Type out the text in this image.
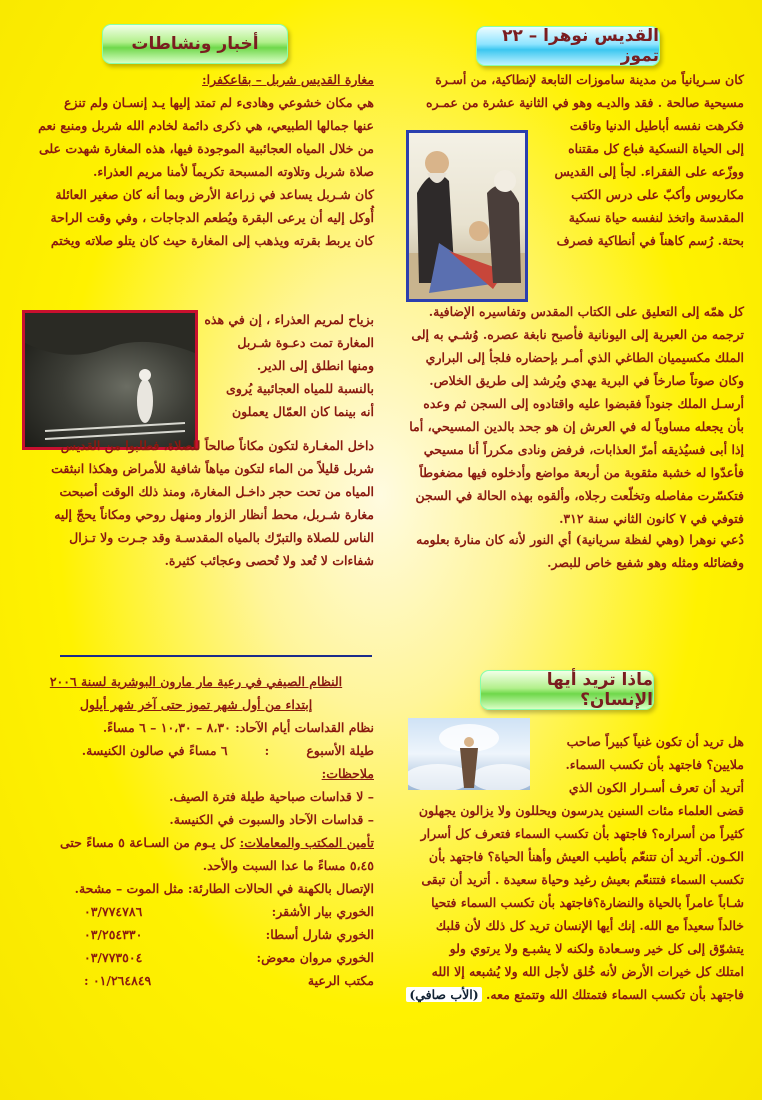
القديس نوهرا – ٢٢ تموز

كان سـريانياً من مدينة ساموزات التابعة لإنطاكية، من أسـرة

مسيحية صالحة . فقد والديـه وهو في الثانية عشرة من عمـره

فكرهت نفسه أباطيل الدنيا وتاقت

إلى الحياة النسكية فباع كل مقتناه

ووزّعه على الفقراء. لجأ إلى القديس

مكاريوس وأكبّ على درس الكتب

المقدسة واتخذ لنفسه حياة نسكية

بحتة. رُسم كاهناً في أنطاكية فصرف

كل همّه إلى التعليق على الكتاب المقدس وتفاسيره الإضافية.

ترجمه من العبرية إلى اليونانية فأصبح نابغة عصره. وُشـي به إلى

الملك مكسيميان الطاغي الذي أمـر بإحضاره فلجأ إلى البراري

وكان صوتاً صارخاً في البرية يهدي ويُرشد إلى طريق الخلاص.

أرسـل الملك جنوداً فقبضوا عليه واقتادوه إلى السجن ثم وعده

بأن يجعله مساوياً له في العرش إن هو جحد بالدين المسيحي، أما

إذا أبى فسيُذيقه أمرّ العذابات، فرفض ونادى مكرراً أنا مسيحي

فأعدّوا له خشبة مثقوبة من أربعة مواضع وأدخلوه فيها مضغوطاً

فتكسّرت مفاصله وتخلّعت رجلاه، وألقوه بهذه الحالة في السجن

فتوفي في ٧ كانون الثاني سنة ٣١٢.

دُعي نوهرا (وهي لفظة سريانية) أي النور لأنه كان منارة بعلومه

وفضائله ومثله وهو شفيع خاص للبصر.

ماذا تريد أيها الإنسان؟

هل تريد أن تكون غنياً كبيراً صاحب

ملايين؟ فاجتهد بأن تكسب السماء.

أتريد أن تعرف أسـرار الكون الذي

قضى العلماء مئات السنين يدرسون ويحللون ولا يزالون يجهلون

كثيراً من أسراره؟ فاجتهد بأن تكسب السماء فتعرف كل أسرار

الكـون. أتريد أن تتنعّم بأطيب العيش وأهنأ الحياة؟ فاجتهد بأن

تكسب السماء فتتنعّم بعيش رغيد وحياة سعيدة . أتريد أن تبقى

شـاباً عامراً بالحياة والنضارة؟فاجتهد بأن تكسب السماء فتحيا

خالداً سعيداً مع الله. إنك أيها الإنسان تريد كل ذلك لأن قلبك

يتشوّق إلى كل خير وسـعادة ولكنه لا يشبـع ولا يرتوي ولو

امتلك كل خيرات الأرض لأنه خُلق لأجل الله ولا يُشبعه إلا الله

فاجتهد بأن تكسب السماء فتمتلك الله وتتمتع معه. (الأب صافي)

أخبار ونشاطات

مغارة القديس شربل – بقاعكفرا:

هي مكان خشوعي وهادىء لم تمتد إليها يـد إنسـان ولم تنزع

عنها جمالها الطبيعي، هي ذكرى دائمة لخادم الله شربل ومنبع نعم

من خلال المياه العجائبية الموجودة فيها، هذه المغارة شهدت على

صلاة شربل وتلاوته المسبحة تكريماً لأمنا مريم العذراء.

كان شـربل يساعد في زراعة الأرض وبما أنه كان صغير العائلة

أُوكل إليه أن يرعى البقرة ويُطعم الدجاجات ، وفي وقت الراحة

كان يربط بقرته ويذهب إلى المغارة حيث كان يتلو صلاته ويختم

بزياح لمريم العذراء ، إن في هذه

المغارة تمت دعـوة شـربل

ومنها انطلق إلى الدير.

بالنسبة للمياه العجائبية يُروى

أنه بينما كان العمّال يعملون

داخل المغـارة لتكون مكاناً صالحاً للصلاة، فطلبوا من القديس

شربل قليلاً من الماء لتكون مياهاً شافية للأمراض وهكذا انبثقت

المياه من تحت حجر داخـل المغارة، ومنذ ذلك الوقت أصبحت

مغارة شـربل، محط أنظار الزوار ومنهل روحي ومكاناً يحجّ إليه

الناس للصلاة والتبرّك بالمياه المقدسـة وقد جـرت ولا تـزال

شفاءات لا تُعد ولا تُحصى وعجائب كثيرة.

النظام الصيفي في رعية مار مارون البوشرية لسنة ٢٠٠٦

إبتداء من أول شهر تموز حتى آخر شهر أيلول

نظام القداسات أيام الآحاد: ٨،٣٠ – ١٠،٣٠ – ٦ مساءً.

طيلة الأسبوع : ٦ مساءً في صالون الكنيسة.

ملاحظات:

– لا قداسات صباحية طيلة فترة الصيف.

– قداسات الآحاد والسبوت في الكنيسة.

تأمين المكتب والمعاملات: كل يـوم من السـاعة ٥ مساءً حتى

٥،٤٥ مساءً ما عدا السبت والأحد.

الإتصال بالكهنة في الحالات الطارئة: مثل الموت – مشحة.

الخوري بيار الأشقر:
٠٣/٧٧٤٧٨٦
الخوري شارل أسطا:
٠٣/٢٥٤٣٣٠
الخوري مروان معوض:
٠٣/٧٧٣٥٠٤
مكتب الرعية
٠١/٢٦٤٨٤٩ :
